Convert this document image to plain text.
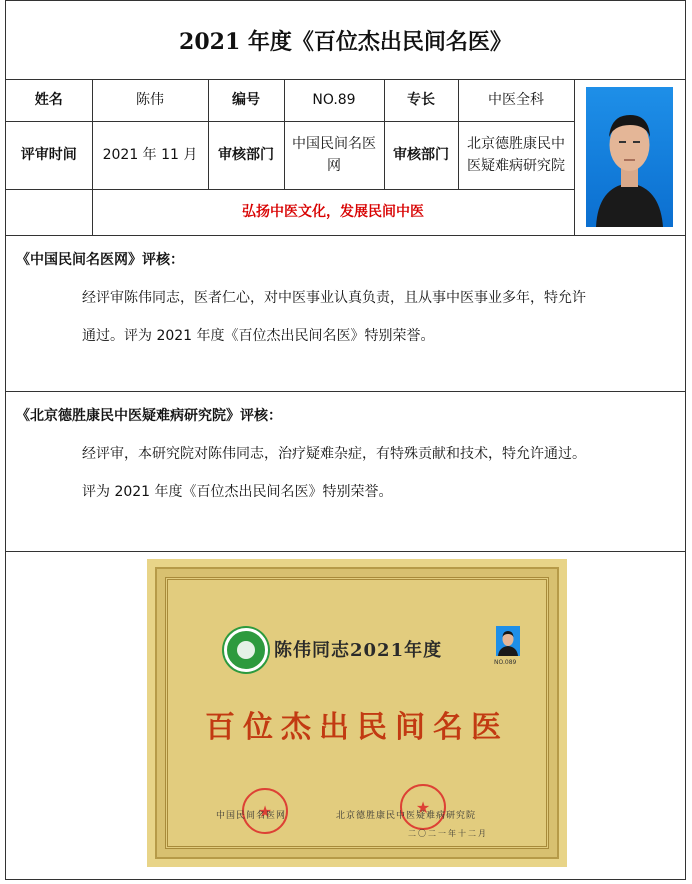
2021 年度《百位杰出民间名医》
姓名	陈伟	编号	NO.89	专长	中医全科	

评审时间	2021 年 11 月	审核部门	中国民间名医网	审核部门	北京德胜康民中医疑难病研究院	
	弘扬中医文化，发展民间中医					
《中国民间名医网》评核：
经评审陈伟同志，医者仁心，对中医事业认真负责，且从事中医事业多年，特允许
通过。评为 2021 年度《百位杰出民间名医》特别荣誉。
《北京德胜康民中医疑难病研究院》评核：
经评审，本研究院对陈伟同志，治疗疑难杂症，有特殊贡献和技术，特允许通过。
评为 2021 年度《百位杰出民间名医》特别荣誉。
陈伟同志2021年度
NO.089
百位杰出民间名医
★
★
中国民间名医网	北京德胜康民中医疑难病研究院
二〇二一年十二月
